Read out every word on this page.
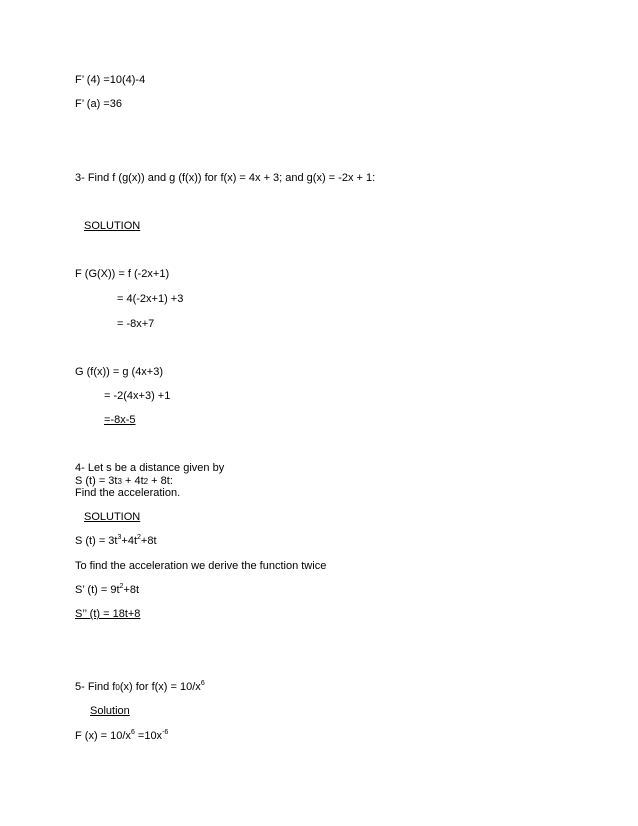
F’ (4) =10(4)-4
F’ (a) =36
3- Find f (g(x)) and g (f(x)) for f(x) = 4x + 3; and g(x) = -2x + 1:
SOLUTION
F (G(X)) = f (-2x+1)
= 4(-2x+1) +3
= -8x+7
G (f(x)) = g (4x+3)
= -2(4x+3) +1
=-8x-5
4- Let s be a distance given by
S (t) = 3t3 + 4t2 + 8t:
Find the acceleration.
SOLUTION
S $(t) = 3t^3+4t^2+8t$
To find the acceleration we derive the function twice
S’ $(t) = 9t^2+8t$
S’’ (t) = 18t+8
5- Find f0(x) for $f(x) = 10/x^6$
Solution
F $(x) = 10/x^6 =10x^{-6}$
